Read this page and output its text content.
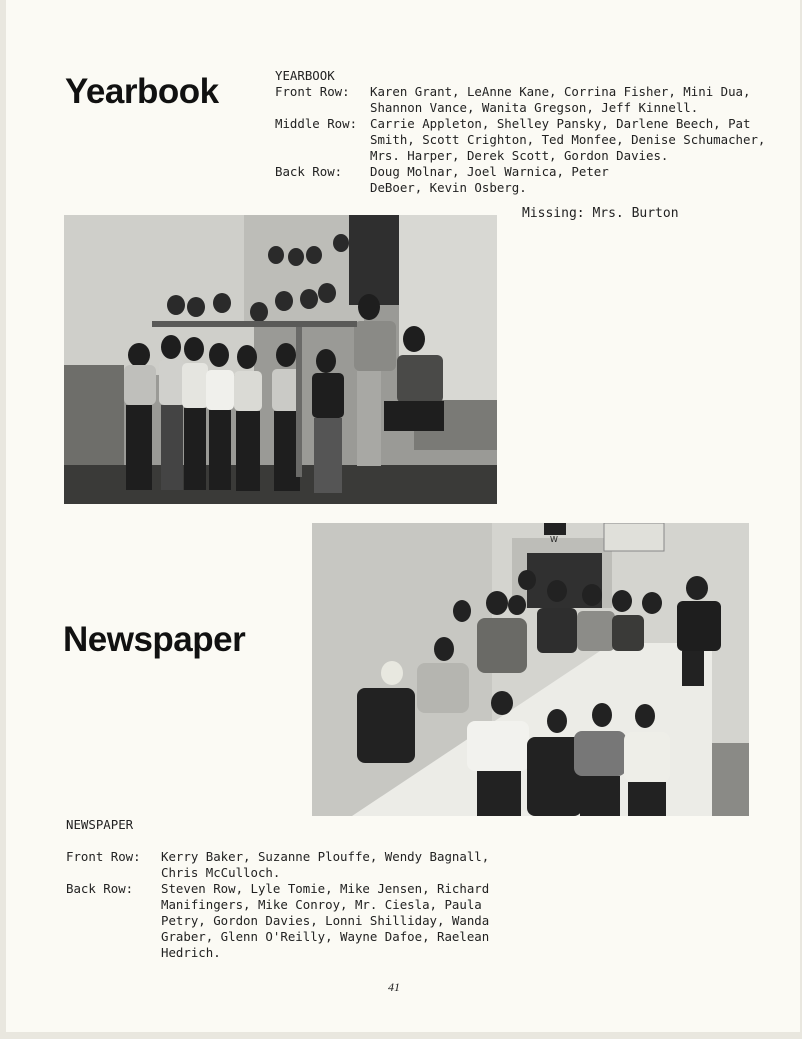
Yearbook	YEARBOOK
Front Row:	Karen Grant, LeAnne Kane, Corrina Fisher, Mini Dua, Shannon Vance, Wanita Gregson, Jeff Kinnell.
Middle Row:	Carrie Appleton, Shelley Pansky, Darlene Beech, Pat Smith, Scott Crighton, Ted Monfee, Denise Schumacher, Mrs. Harper, Derek Scott, Gordon Davies.
Back Row:	Doug Molnar, Joel Warnica, Peter DeBoer, Kevin Osberg.
Missing: Mrs. Burton
Newspaper
W
NEWSPAPER
Front Row:	Kerry Baker, Suzanne Plouffe, Wendy Bagnall, Chris McCulloch.
Back Row:	Steven Row, Lyle Tomie, Mike Jensen, Richard Manifingers, Mike Conroy, Mr. Ciesla, Paula Petry, Gordon Davies, Lonni Shilliday, Wanda Graber, Glenn O'Reilly, Wayne Dafoe, Raelean Hedrich.
41
